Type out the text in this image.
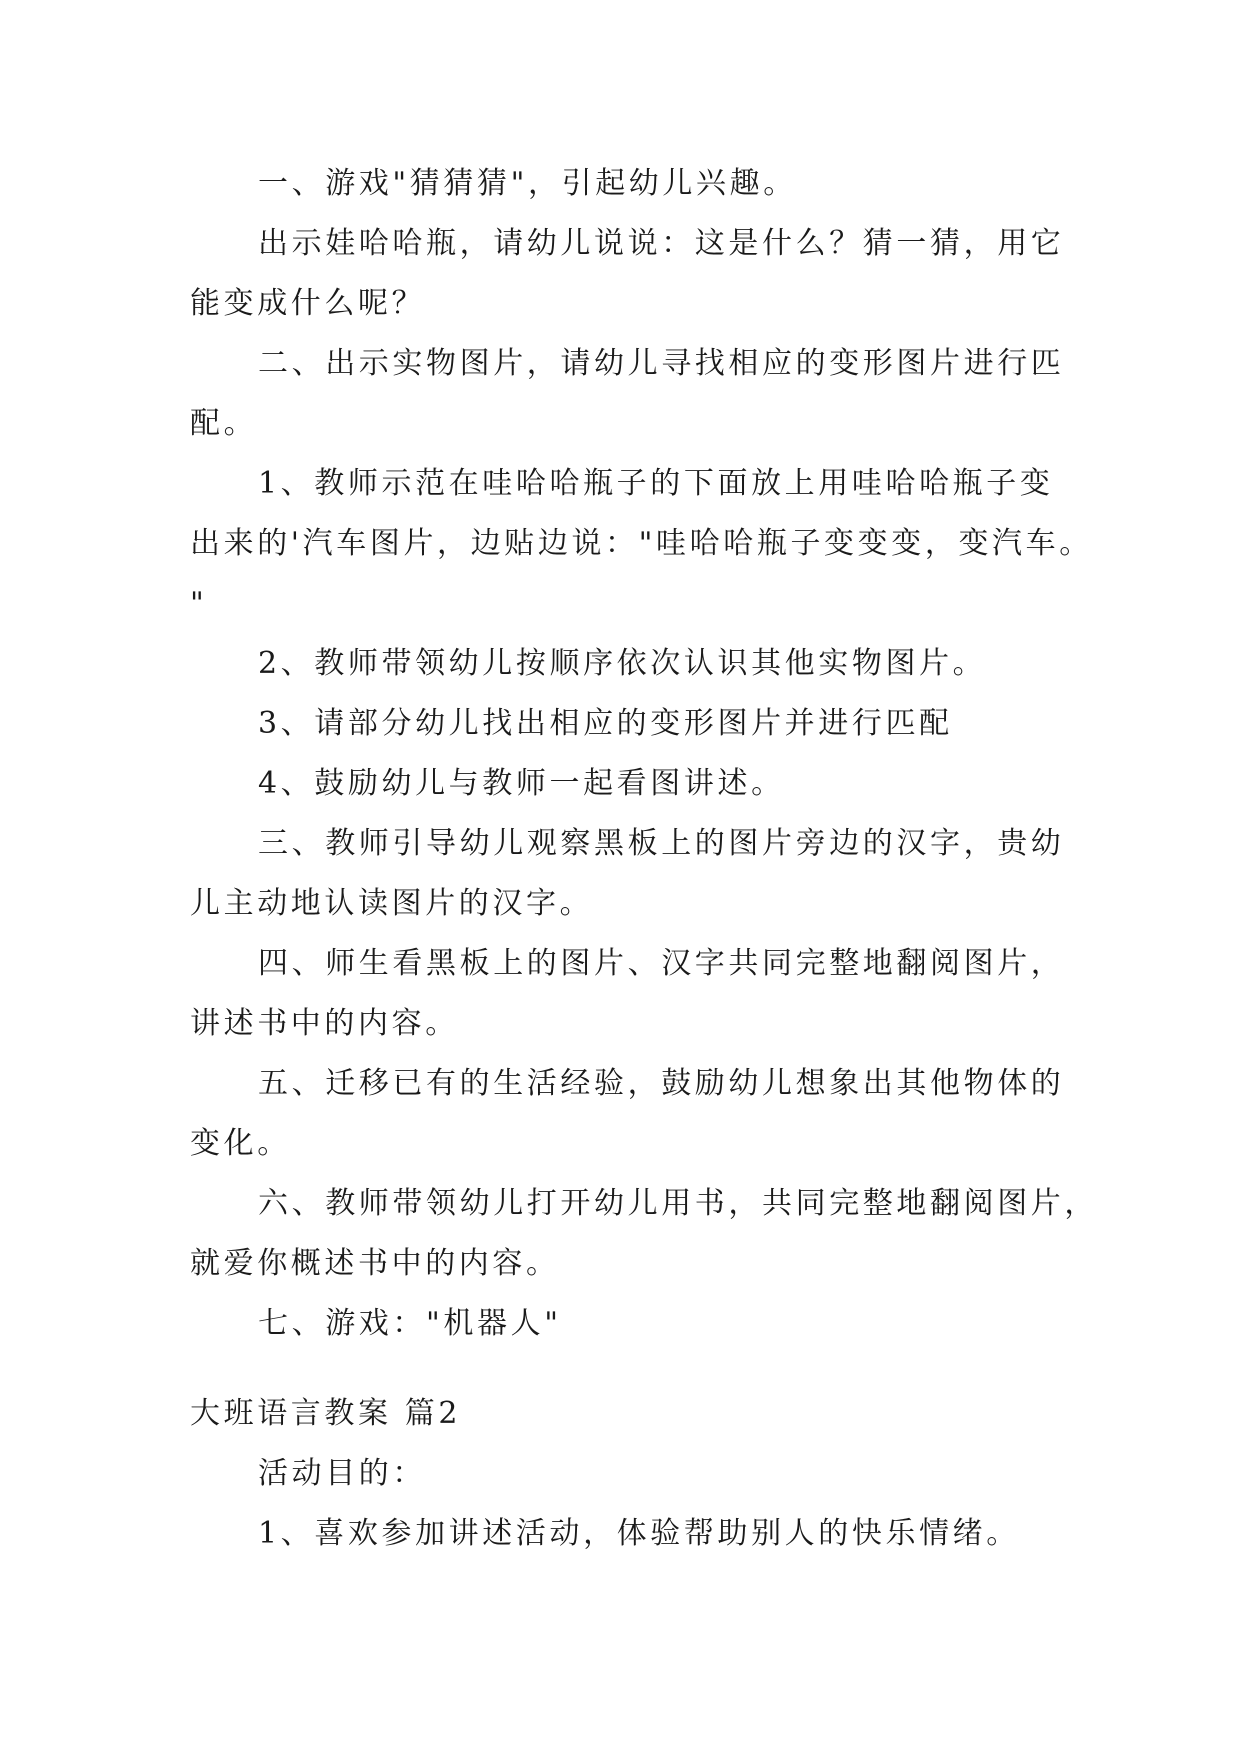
一、游戏"猜猜猜"，引起幼儿兴趣。
出示娃哈哈瓶，请幼儿说说：这是什么？猜一猜，用它
能变成什么呢？
二、出示实物图片，请幼儿寻找相应的变形图片进行匹
配。
1、教师示范在哇哈哈瓶子的下面放上用哇哈哈瓶子变
出来的'汽车图片，边贴边说："哇哈哈瓶子变变变，变汽车。
"
2、教师带领幼儿按顺序依次认识其他实物图片。
3、请部分幼儿找出相应的变形图片并进行匹配
4、鼓励幼儿与教师一起看图讲述。
三、教师引导幼儿观察黑板上的图片旁边的汉字，贵幼
儿主动地认读图片的汉字。
四、师生看黑板上的图片、汉字共同完整地翻阅图片，
讲述书中的内容。
五、迁移已有的生活经验，鼓励幼儿想象出其他物体的
变化。
六、教师带领幼儿打开幼儿用书，共同完整地翻阅图片，
就爱你概述书中的内容。
七、游戏："机器人"
大班语言教案 篇2
活动目的：
1、喜欢参加讲述活动，体验帮助别人的快乐情绪。
